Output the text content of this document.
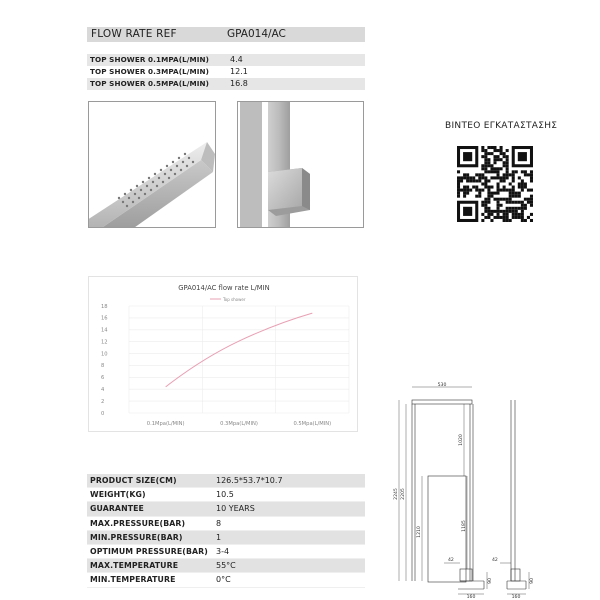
FLOW RATE REF	GPA014/AC
TOP SHOWER 0.1MPA(L/MIN)	4.4
TOP SHOWER 0.3MPA(L/MIN)	12.1
TOP SHOWER 0.5MPA(L/MIN)	16.8
ΒΙΝΤΕΟ ΕΓΚΑΤΑΣΤΑΣΗΣ
GPA014/AC flow rate L/MIN
Top shower
0
2
4
6
8
10
12
14
16
18
0.1Mpa(L/MIN)	0.3Mpa(L/MIN)	0.5Mpa(L/MIN)
PRODUCT SIZE(CM)	126.5*53.7*10.7
WEIGHT(KG)	10.5
GUARANTEE	10 YEARS
MAX.PRESSURE(BAR)	8
MIN.PRESSURE(BAR)	1
OPTIMUM PRESSURE(BAR) 3-4
MAX.TEMPERATURE	55°C
MIN.TEMPERATURE	0°C
530
2245 2205
1210
1020
1185
42
90
160
42
90
160
